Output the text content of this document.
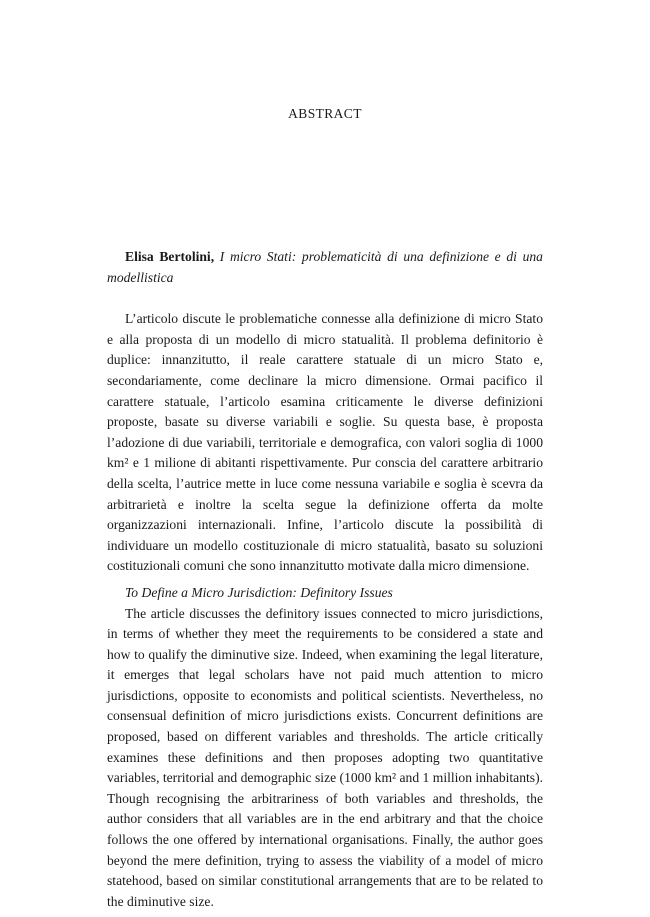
ABSTRACT

Elisa Bertolini, I micro Stati: problematicità di una definizione e di una modellistica

L’articolo discute le problematiche connesse alla definizione di micro Stato e alla proposta di un modello di micro statualità. Il problema definitorio è duplice: innanzitutto, il reale carattere statuale di un micro Stato e, secondariamente, come declinare la micro dimensione. Ormai pacifico il carattere statuale, l’articolo esamina criticamente le diverse definizioni proposte, basate su diverse variabili e soglie. Su questa base, è proposta l’adozione di due variabili, territoriale e demografica, con valori soglia di 1000 km² e 1 milione di abitanti rispettivamente. Pur conscia del carattere arbitrario della scelta, l’autrice mette in luce come nessuna variabile e soglia è scevra da arbitrarietà e inoltre la scelta segue la definizione offerta da molte organizzazioni internazionali. Infine, l’articolo discute la possibilità di individuare un modello costituzionale di micro statualità, basato su soluzioni costituzionali comuni che sono innanzitutto motivate dalla micro dimensione.

To Define a Micro Jurisdiction: Definitory Issues

The article discusses the definitory issues connected to micro jurisdictions, in terms of whether they meet the requirements to be considered a state and how to qualify the diminutive size. Indeed, when examining the legal literature, it emerges that legal scholars have not paid much attention to micro jurisdictions, opposite to economists and political scientists. Nevertheless, no consensual definition of micro jurisdictions exists. Concurrent definitions are proposed, based on different variables and thresholds. The article critically examines these definitions and then proposes adopting two quantitative variables, territorial and demographic size (1000 km² and 1 million inhabitants). Though recognising the arbitrariness of both variables and thresholds, the author considers that all variables are in the end arbitrary and that the choice follows the one offered by international organisations. Finally, the author goes beyond the mere definition, trying to assess the viability of a model of micro statehood, based on similar constitutional arrangements that are to be related to the diminutive size.
